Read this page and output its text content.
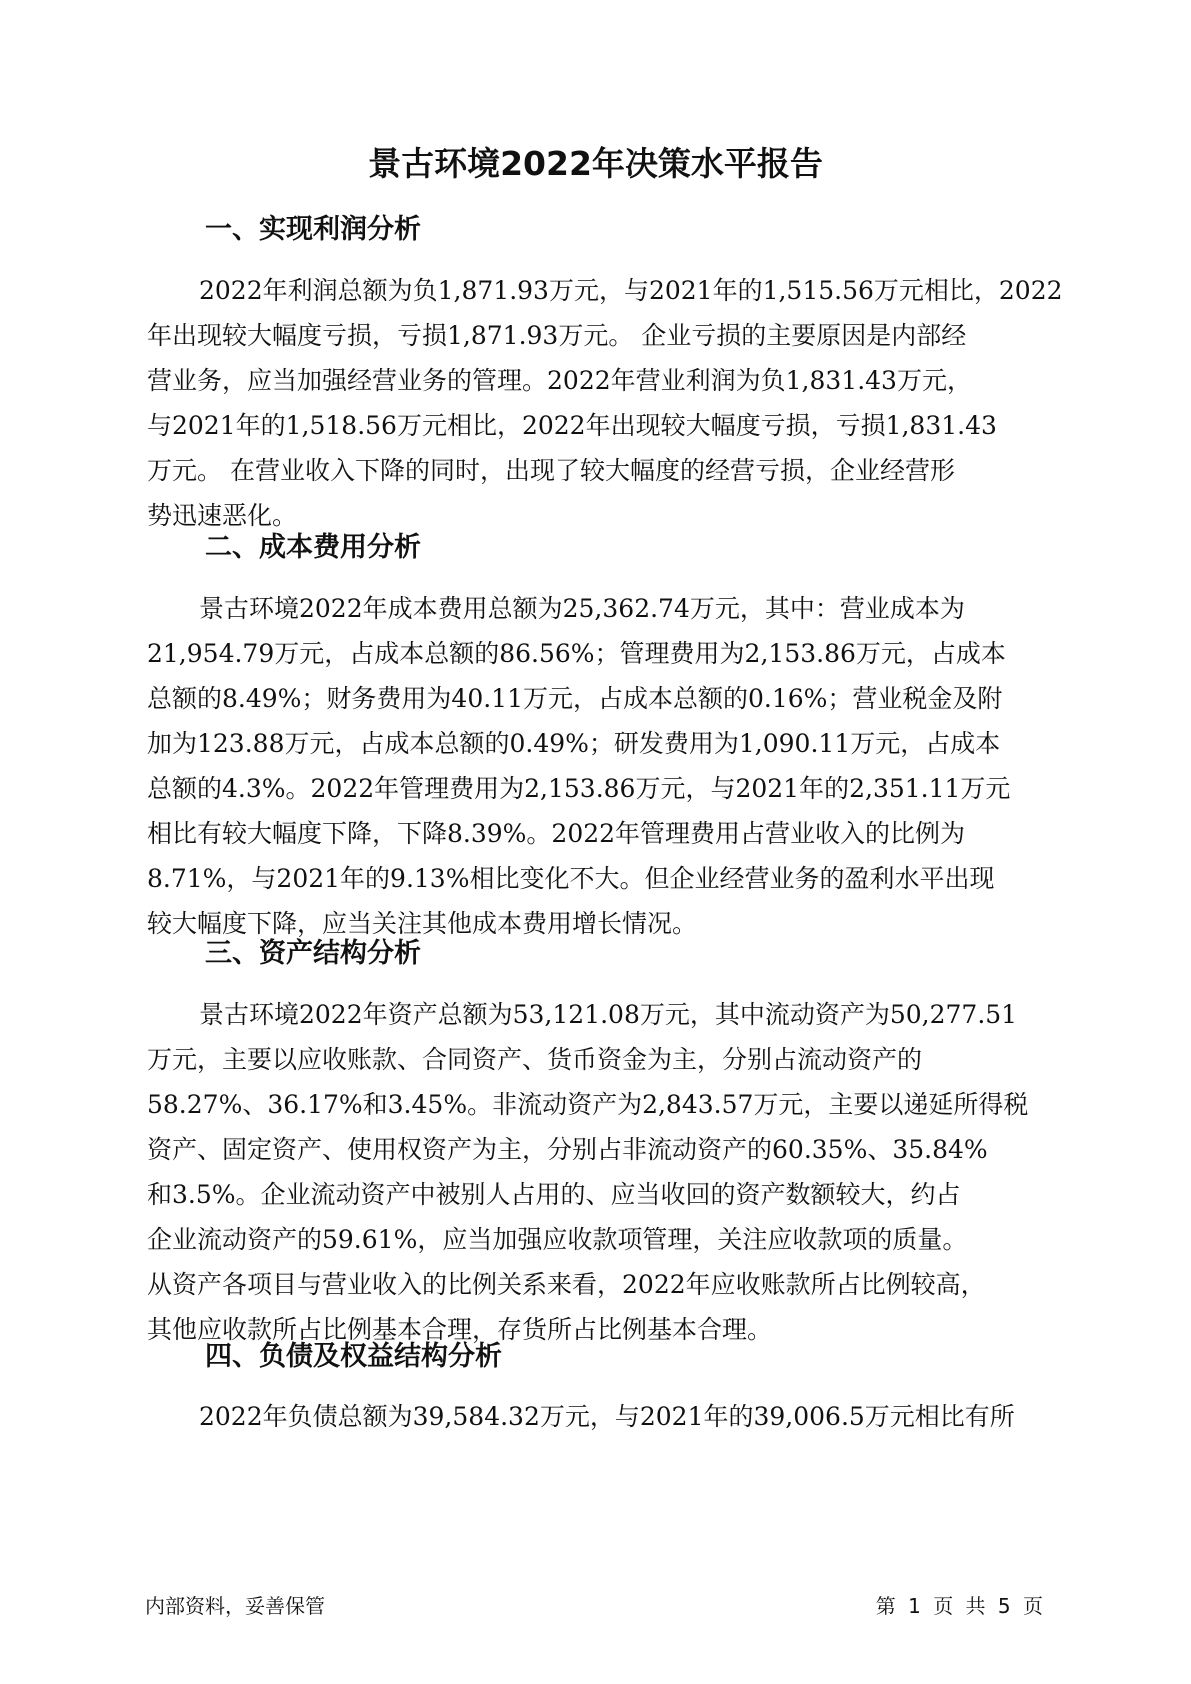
景古环境2022年决策水平报告
一、实现利润分析
2022年利润总额为负1,871.93万元，与2021年的1,515.56万元相比，2022
年出现较大幅度亏损，亏损1,871.93万元。 企业亏损的主要原因是内部经
营业务，应当加强经营业务的管理。2022年营业利润为负1,831.43万元，
与2021年的1,518.56万元相比，2022年出现较大幅度亏损，亏损1,831.43
万元。 在营业收入下降的同时，出现了较大幅度的经营亏损，企业经营形
势迅速恶化。
二、成本费用分析
景古环境2022年成本费用总额为25,362.74万元，其中：营业成本为
21,954.79万元，占成本总额的86.56%；管理费用为2,153.86万元，占成本
总额的8.49%；财务费用为40.11万元，占成本总额的0.16%；营业税金及附
加为123.88万元，占成本总额的0.49%；研发费用为1,090.11万元，占成本
总额的4.3%。2022年管理费用为2,153.86万元，与2021年的2,351.11万元
相比有较大幅度下降，下降8.39%。2022年管理费用占营业收入的比例为
8.71%，与2021年的9.13%相比变化不大。但企业经营业务的盈利水平出现
较大幅度下降，应当关注其他成本费用增长情况。
三、资产结构分析
景古环境2022年资产总额为53,121.08万元，其中流动资产为50,277.51
万元，主要以应收账款、合同资产、货币资金为主，分别占流动资产的
58.27%、36.17%和3.45%。非流动资产为2,843.57万元，主要以递延所得税
资产、固定资产、使用权资产为主，分别占非流动资产的60.35%、35.84%
和3.5%。企业流动资产中被别人占用的、应当收回的资产数额较大，约占
企业流动资产的59.61%，应当加强应收款项管理，关注应收款项的质量。
从资产各项目与营业收入的比例关系来看，2022年应收账款所占比例较高，
其他应收款所占比例基本合理，存货所占比例基本合理。
四、负债及权益结构分析
2022年负债总额为39,584.32万元，与2021年的39,006.5万元相比有所
内部资料，妥善保管	第 1 页 共 5 页
